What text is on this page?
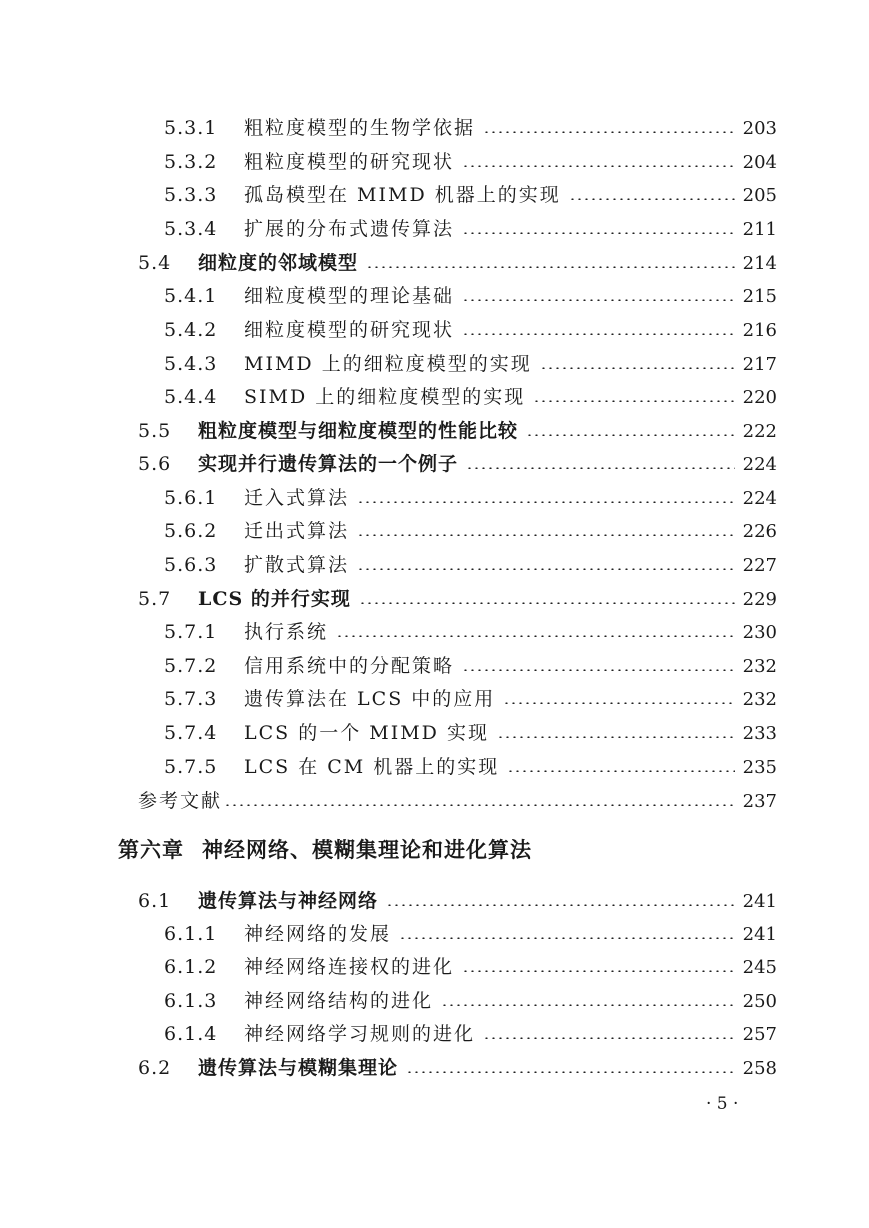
5.3.1	粗粒度模型的生物学依据	203
5.3.2	粗粒度模型的研究现状	204
5.3.3	孤岛模型在 MIMD 机器上的实现	205
5.3.4	扩展的分布式遗传算法	211
5.4	细粒度的邻域模型	214
5.4.1	细粒度模型的理论基础	215
5.4.2	细粒度模型的研究现状	216
5.4.3	MIMD 上的细粒度模型的实现	217
5.4.4	SIMD 上的细粒度模型的实现	220
5.5	粗粒度模型与细粒度模型的性能比较	222
5.6	实现并行遗传算法的一个例子	224
5.6.1	迁入式算法	224
5.6.2	迁出式算法	226
5.6.3	扩散式算法	227
5.7	LCS 的并行实现	229
5.7.1	执行系统	230
5.7.2	信用系统中的分配策略	232
5.7.3	遗传算法在 LCS 中的应用	232
5.7.4	LCS 的一个 MIMD 实现	233
5.7.5	LCS 在 CM 机器上的实现	235
参考文献	237
第六章 神经网络、模糊集理论和进化算法
6.1	遗传算法与神经网络	241
6.1.1	神经网络的发展	241
6.1.2	神经网络连接权的进化	245
6.1.3	神经网络结构的进化	250
6.1.4	神经网络学习规则的进化	257
6.2	遗传算法与模糊集理论	258
· 5 ·
